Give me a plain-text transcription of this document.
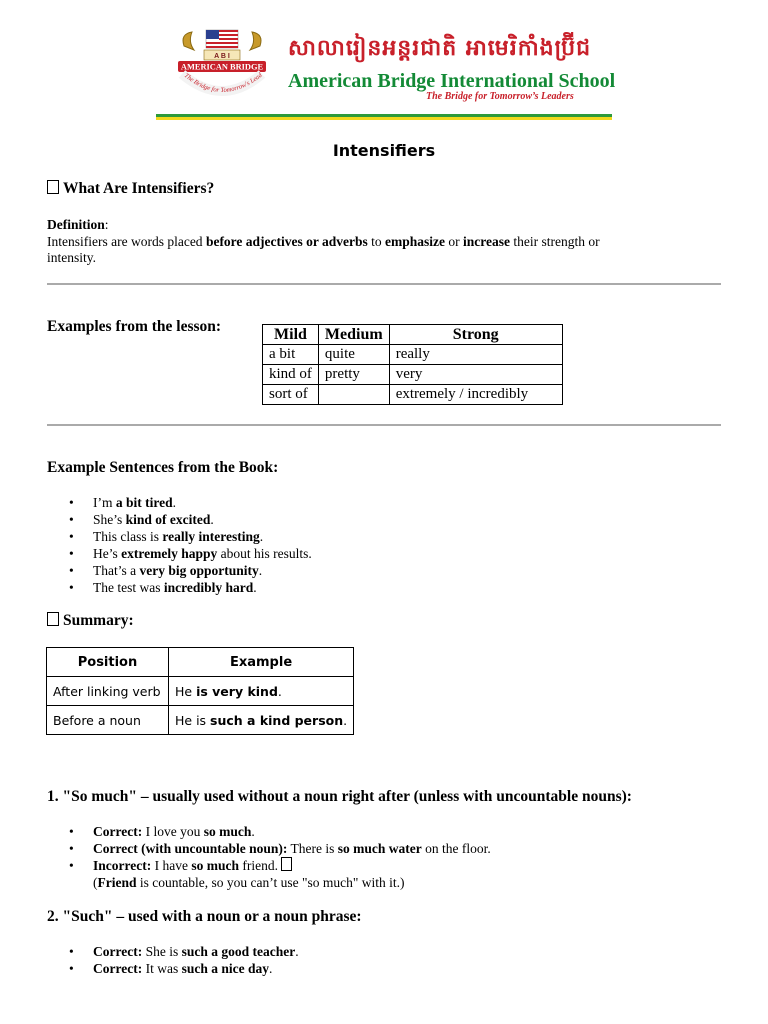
A B I
AMERICAN BRIDGE
The Bridge for Tomorrow's Lead
សាលារៀនអន្តរជាតិ អាមេរិកាំងប្រ៊ីជ
American Bridge International School
The Bridge for Tomorrow’s Leaders
Intensifiers
What Are Intensifiers?
Definition:
Intensifiers are words placed before adjectives or adverbs to emphasize or increase their strength or
intensity.
Examples from the lesson:	Mild	Medium	Strong
a bit	quite	really
kind of	pretty	very
sort of		extremely / incredibly
Example Sentences from the Book:
• I’m a bit tired.
• She’s kind of excited.
• This class is really interesting.
• He’s extremely happy about his results.
• That’s a very big opportunity.
• The test was incredibly hard.
Summary:
Position	Example
After linking verb	He is very kind.
Before a noun	He is such a kind person.
1. "So much" – usually used without a noun right after (unless with uncountable nouns):
• Correct: I love you so much.
• Correct (with uncountable noun): There is so much water on the floor.
• Incorrect: I have so much friend.
(Friend is countable, so you can’t use "so much" with it.)
2. "Such" – used with a noun or a noun phrase:
• Correct: She is such a good teacher.
• Correct: It was such a nice day.
